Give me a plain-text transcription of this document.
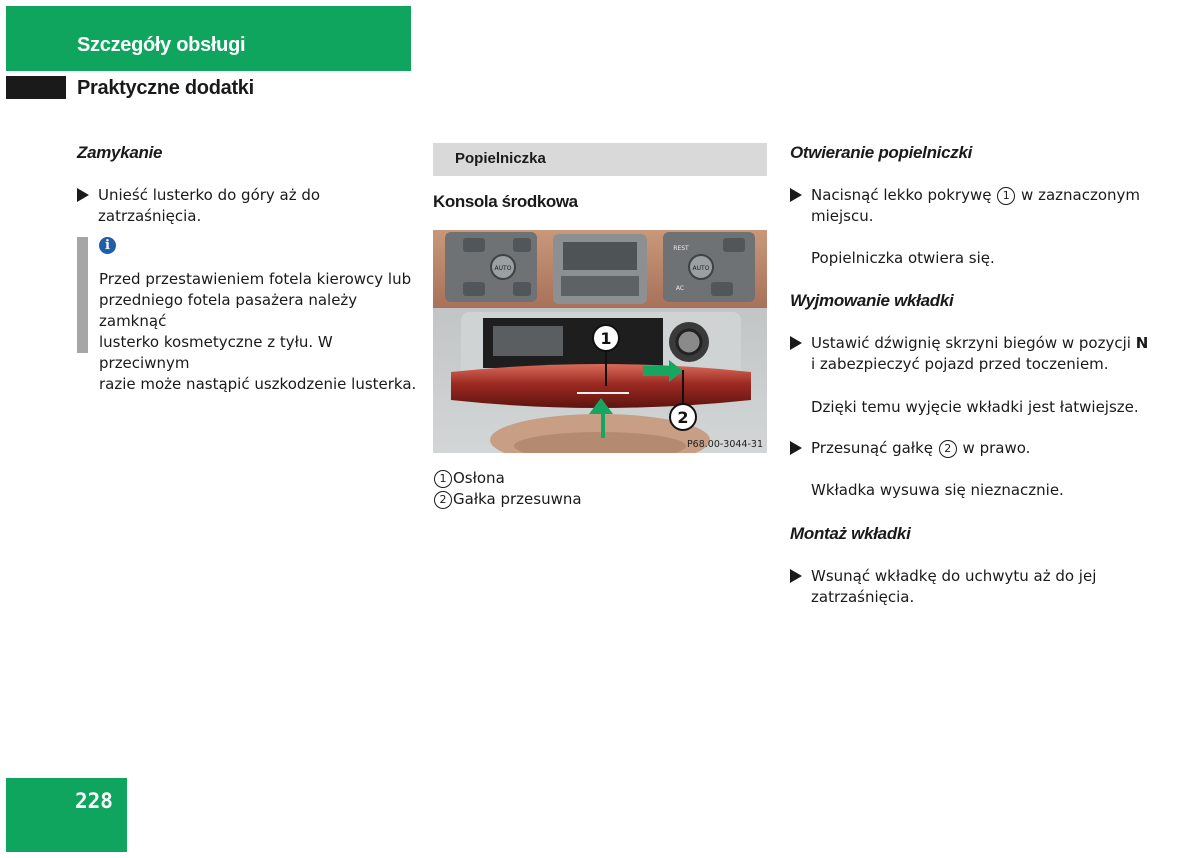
Szczegóły obsługi
Praktyczne dodatki
Zamykanie
Unieść lusterko do góry aż do zatrzaśnięcia.
i
Przed przestawieniem fotela kierowcy lub
przedniego fotela pasażera należy zamknąć
lusterko kosmetyczne z tyłu. W przeciwnym
razie może nastąpić uszkodzenie lusterka.
Popielniczka
Konsola środkowa
AUTO	AUTO
REST
AC
1
2
P68.00-3044-31
1 Osłona
2 Gałka przesuwna
Otwieranie popielniczki
Nacisnąć lekko pokrywę 1 w zaznaczonym
miejscu.
Popielniczka otwiera się.
Wyjmowanie wkładki
Ustawić dźwignię skrzyni biegów w pozycji N
i zabezpieczyć pojazd przed toczeniem.
Dzięki temu wyjęcie wkładki jest łatwiejsze.
Przesunąć gałkę 2 w prawo.
Wkładka wysuwa się nieznacznie.
Montaż wkładki
Wsunąć wkładkę do uchwytu aż do jej
zatrzaśnięcia.
228
